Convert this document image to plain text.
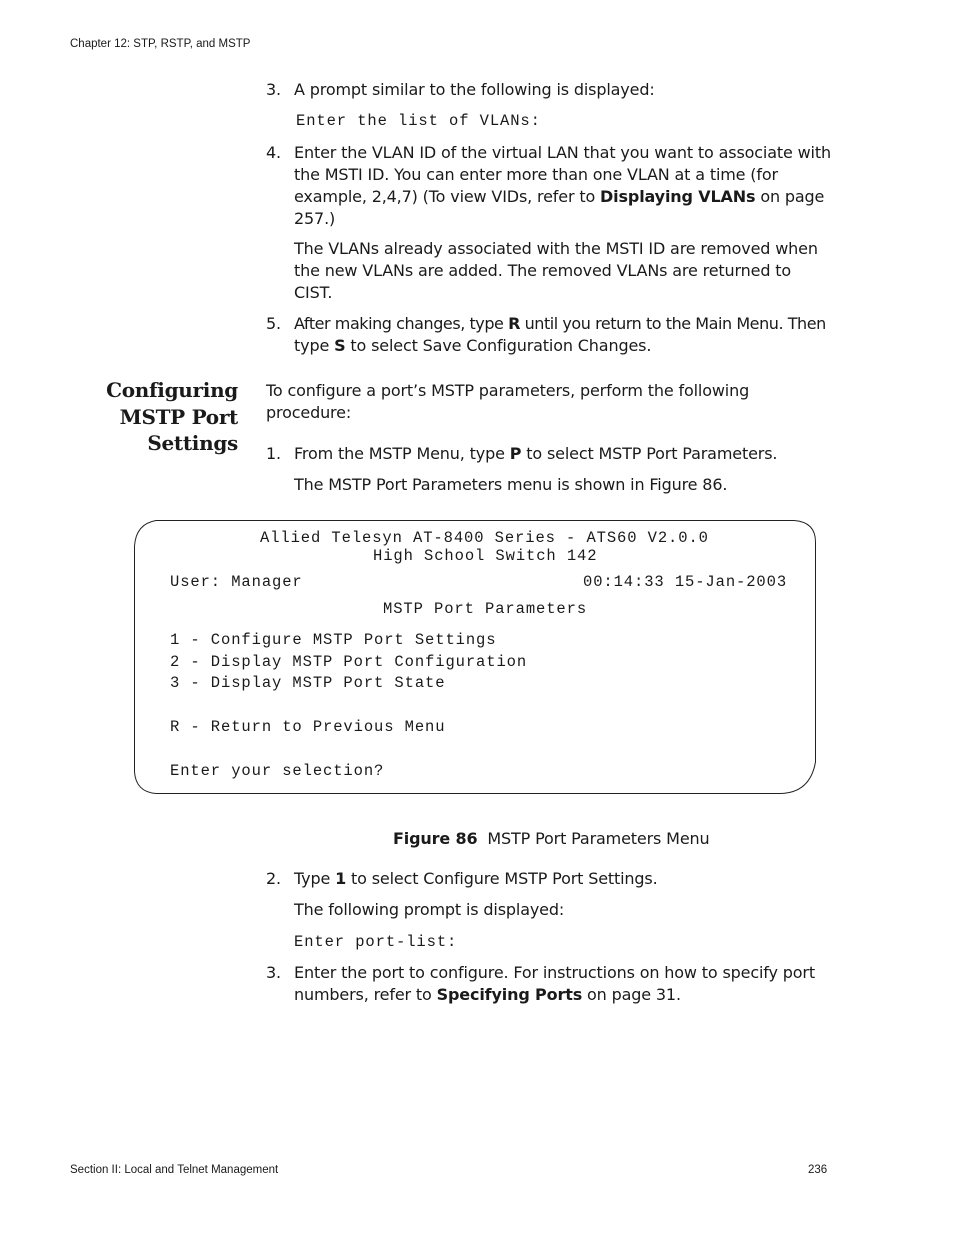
Chapter 12: STP, RSTP, and MSTP
3. A prompt similar to the following is displayed:
Enter the list of VLANs:
4. Enter the VLAN ID of the virtual LAN that you want to associate with
the MSTI ID. You can enter more than one VLAN at a time (for
example, 2,4,7) (To view VIDs, refer to Displaying VLANs on page
257.)
The VLANs already associated with the MSTI ID are removed when
the new VLANs are added. The removed VLANs are returned to
CIST.
5. After making changes, type R until you return to the Main Menu. Then
type S to select Save Configuration Changes.
Configuring
MSTP Port
Settings
To configure a port’s MSTP parameters, perform the following
procedure:
1. From the MSTP Menu, type P to select MSTP Port Parameters.
The MSTP Port Parameters menu is shown in Figure 86.
Allied Telesyn AT-8400 Series - ATS60 V2.0.0
High School Switch 142
User: Manager	00:14:33 15-Jan-2003
MSTP Port Parameters
1 - Configure MSTP Port Settings
2 - Display MSTP Port Configuration
3 - Display MSTP Port State
R - Return to Previous Menu
Enter your selection?
Figure 86 MSTP Port Parameters Menu
2. Type 1 to select Configure MSTP Port Settings.
The following prompt is displayed:
Enter port-list:
3. Enter the port to configure. For instructions on how to specify port
numbers, refer to Specifying Ports on page 31.
Section II: Local and Telnet Management	236
